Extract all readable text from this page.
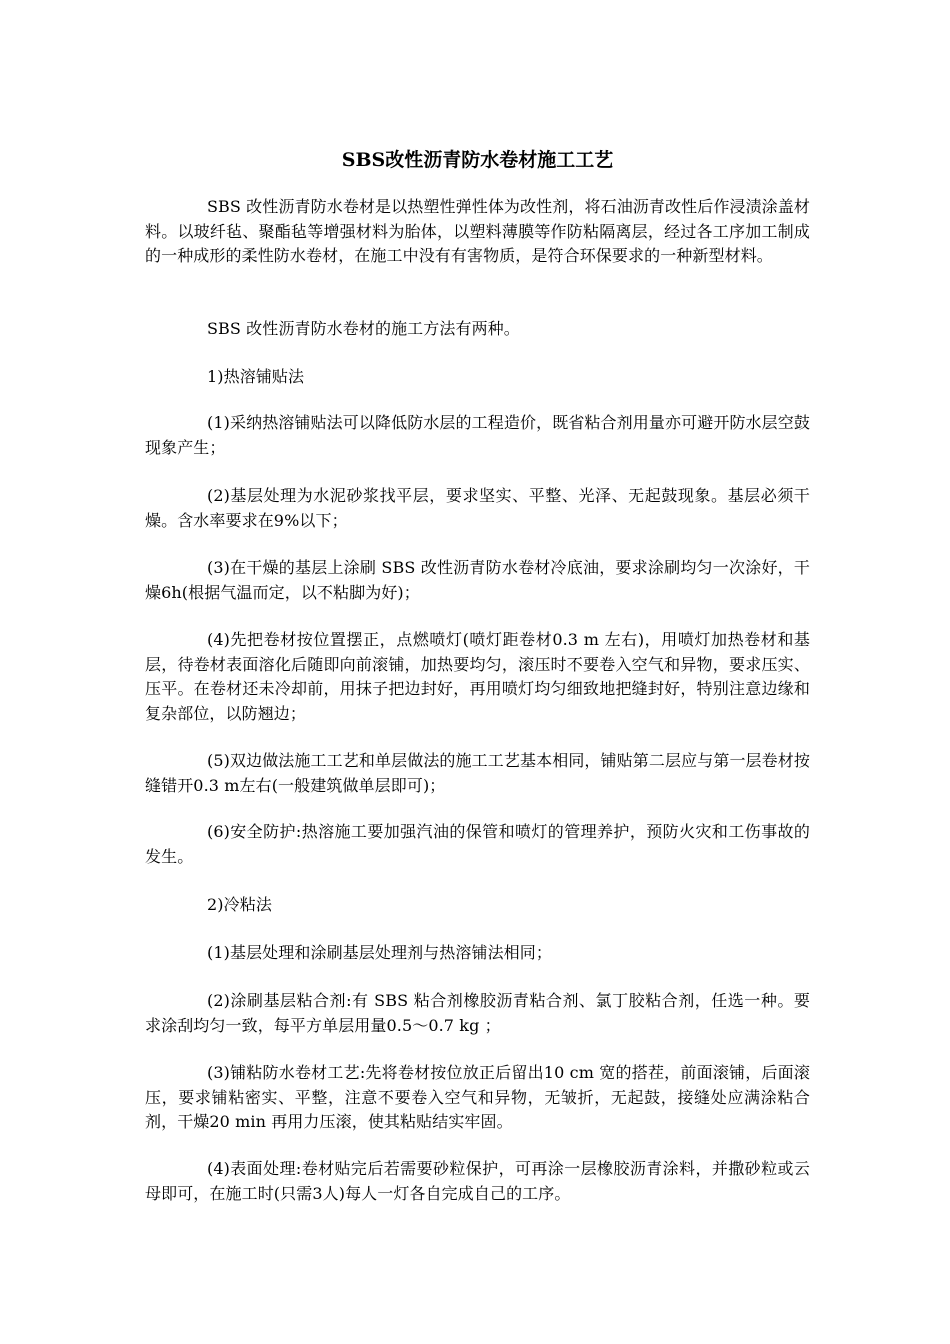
SBS改性沥青防水卷材施工工艺

SBS 改性沥青防水卷材是以热塑性弹性体为改性剂，将石油沥青改性后作浸渍涂盖材料。以玻纤毡、聚酯毡等增强材料为胎体，以塑料薄膜等作防粘隔离层，经过各工序加工制成的一种成形的柔性防水卷材，在施工中没有有害物质，是符合环保要求的一种新型材料。

SBS 改性沥青防水卷材的施工方法有两种。

1)热溶铺贴法

(1)采纳热溶铺贴法可以降低防水层的工程造价，既省粘合剂用量亦可避开防水层空鼓现象产生；

(2)基层处理为水泥砂浆找平层，要求坚实、平整、光泽、无起鼓现象。基层必须干燥。含水率要求在9%以下；

(3)在干燥的基层上涂刷 SBS 改性沥青防水卷材冷底油，要求涂刷均匀一次涂好，干燥6h(根据气温而定，以不粘脚为好)；

(4)先把卷材按位置摆正，点燃喷灯(喷灯距卷材0.3 m 左右)，用喷灯加热卷材和基层，待卷材表面溶化后随即向前滚铺，加热要均匀，滚压时不要卷入空气和异物，要求压实、压平。在卷材还未冷却前，用抹子把边封好，再用喷灯均匀细致地把缝封好，特别注意边缘和复杂部位，以防翘边；

(5)双边做法施工工艺和单层做法的施工工艺基本相同，铺贴第二层应与第一层卷材按缝错开0.3 m左右(一般建筑做单层即可)；

(6)安全防护:热溶施工要加强汽油的保管和喷灯的管理养护，预防火灾和工伤事故的发生。

2)冷粘法

(1)基层处理和涂刷基层处理剂与热溶铺法相同；

(2)涂刷基层粘合剂:有 SBS 粘合剂橡胶沥青粘合剂、氯丁胶粘合剂，任选一种。要求涂刮均匀一致，每平方单层用量0.5～0.7 kg ；

(3)铺粘防水卷材工艺:先将卷材按位放正后留出10 cm 宽的搭茬，前面滚铺，后面滚压，要求铺粘密实、平整，注意不要卷入空气和异物，无皱折，无起鼓，接缝处应满涂粘合剂，干燥20 min 再用力压滚，使其粘贴结实牢固。

(4)表面处理:卷材贴完后若需要砂粒保护，可再涂一层橡胶沥青涂料，并撒砂粒或云母即可，在施工时(只需3人)每人一灯各自完成自己的工序。
